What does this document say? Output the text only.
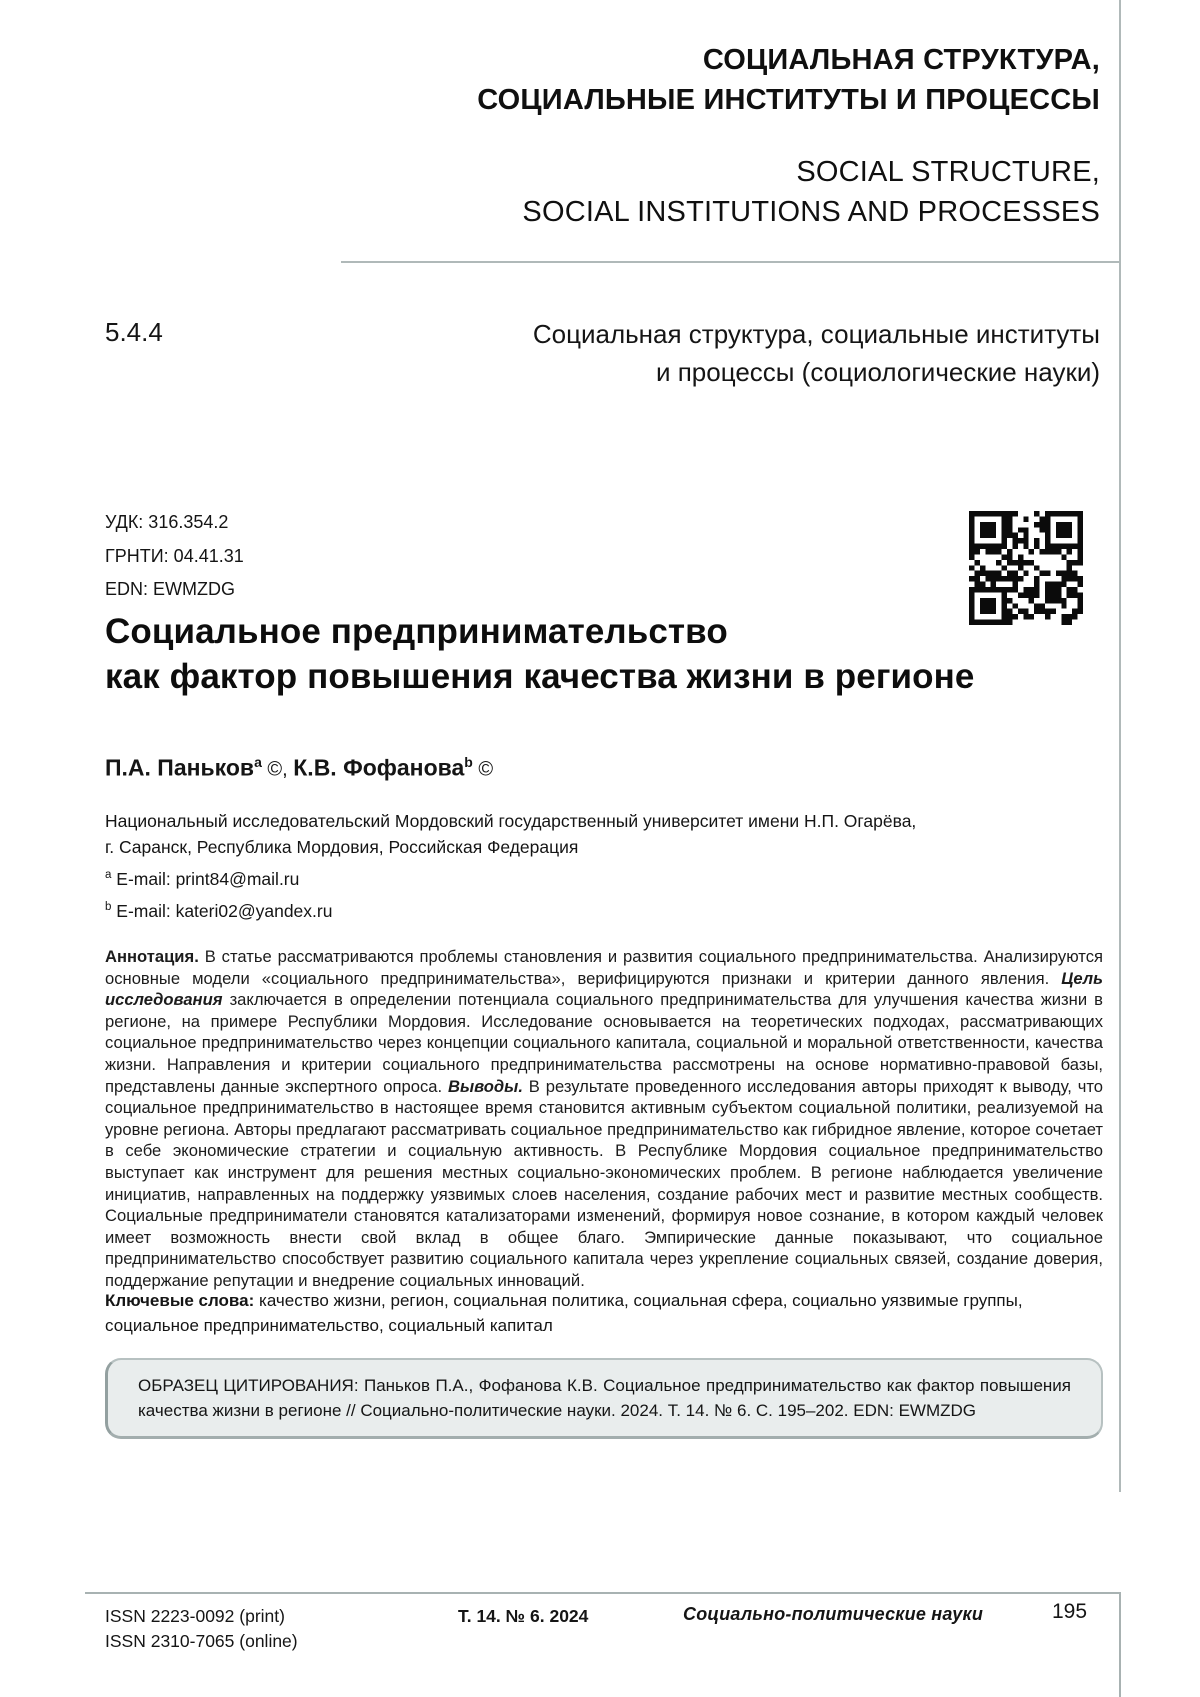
СОЦИАЛЬНАЯ СТРУКТУРА,
СОЦИАЛЬНЫЕ ИНСТИТУТЫ И ПРОЦЕССЫ
SOCIAL STRUCTURE,
SOCIAL INSTITUTIONS AND PROCESSES
5.4.4	Социальная структура, социальные институты
и процессы (социологические науки)
УДК: 316.354.2
ГРНТИ: 04.41.31
EDN: EWMZDG
Социальное предпринимательство
как фактор повышения качества жизни в регионе
П.А. Паньков$^a$ ©, К.В. Фофанова$^b$ ©
Национальный исследовательский Мордовский государственный университет имени Н.П. Огарёва,
г. Саранск, Республика Мордовия, Российская Федерация
$^a$ E-mail: print84@mail.ru
$^b$ E-mail: kateri02@yandex.ru

Аннотация. В статье рассматриваются проблемы становления и развития социального предпринимательства. Анализируются основные модели «социального предпринимательства», верифицируются признаки и критерии данного явления. Цель исследования заключается в определении потенциала социального предпринимательства для улучшения качества жизни в регионе, на примере Республики Мордовия. Исследование основывается на теоретических подходах, рассматривающих социальное предпринимательство через концепции социального капитала, социальной и моральной ответственности, качества жизни. Направления и критерии социального предпринимательства рассмотрены на основе нормативно-правовой базы, представлены данные экспертного опроса. Выводы. В результате проведенного исследования авторы приходят к выводу, что социальное предпринимательство в настоящее время становится активным субъектом социальной политики, реализуемой на уровне региона. Авторы предлагают рассматривать социальное предпринимательство как гибридное явление, которое сочетает в себе экономические стратегии и социальную активность. В Республике Мордовия социальное предпринимательство выступает как инструмент для решения местных социально-экономических проблем. В регионе наблюдается увеличение инициатив, направленных на поддержку уязвимых слоев населения, создание рабочих мест и развитие местных сообществ. Социальные предприниматели становятся катализаторами изменений, формируя новое сознание, в котором каждый человек имеет возможность внести свой вклад в общее благо. Эмпирические данные показывают, что социальное предпринимательство способствует развитию социального капитала через укрепление социальных связей, создание доверия, поддержание репутации и внедрение социальных инноваций.

Ключевые слова: качество жизни, регион, социальная политика, социальная сфера, социально уязвимые группы, социальное предпринимательство, социальный капитал

ОБРАЗЕЦ ЦИТИРОВАНИЯ: Паньков П.А., Фофанова К.В. Социальное предпринимательство как фактор повышения качества жизни в регионе // Социально-политические науки. 2024. Т. 14. № 6. С. 195–202. EDN: EWMZDG
ISSN 2223-0092 (print)
ISSN 2310-7065 (online)
Т. 14. № 6. 2024	Социально-политические науки	195
